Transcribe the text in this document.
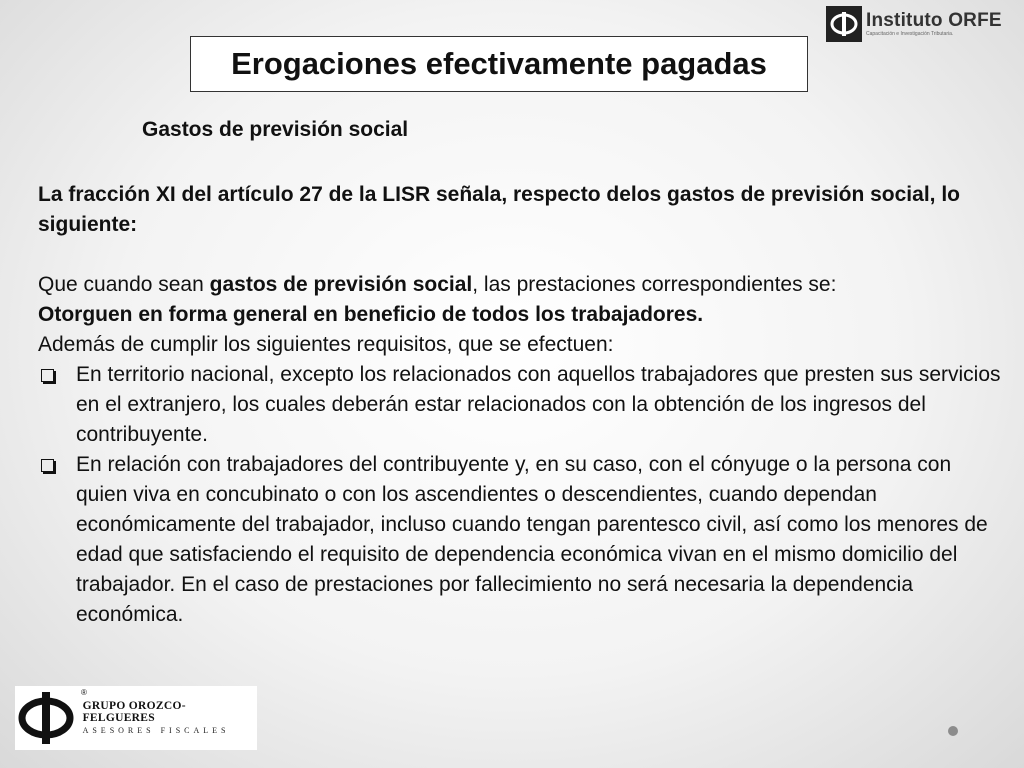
Instituto ORFE
Capacitación e Investigación Tributaria.
Erogaciones efectivamente pagadas
Gastos de previsión social

La fracción XI del artículo 27 de la LISR señala, respecto delos gastos de previsión social, lo siguiente:

Que cuando sean gastos de previsión social, las prestaciones correspondientes se:

Otorguen en forma general en beneficio de todos los trabajadores.

Además de cumplir los siguientes requisitos, que se efectuen:

En territorio nacional, excepto los relacionados con aquellos trabajadores que presten sus servicios en el extranjero, los cuales deberán estar relacionados con la obtención de los ingresos del contribuyente.
En relación con trabajadores del contribuyente y, en su caso, con el cónyuge o la persona con quien viva en concubinato o con los ascendientes o descendientes, cuando dependan económicamente del trabajador, incluso cuando tengan parentesco civil, así como los menores de edad que satisfaciendo el requisito de dependencia económica vivan en el mismo domicilio del trabajador. En el caso de prestaciones por fallecimiento no será necesaria la dependencia económica.
®
GRUPO OROZCO-FELGUERES
ASESORES FISCALES
